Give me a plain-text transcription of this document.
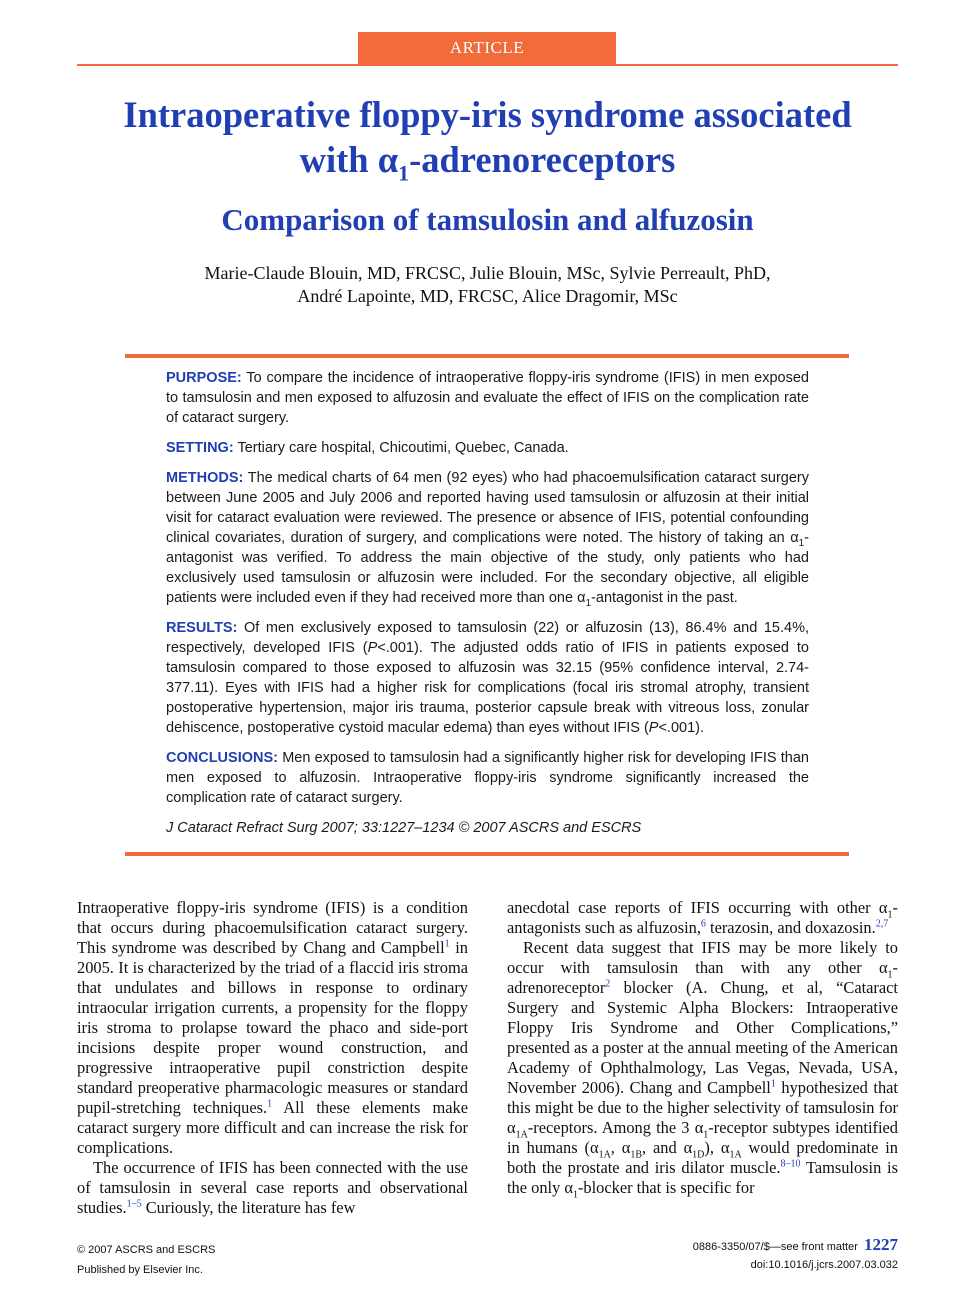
ARTICLE
Intraoperative floppy-iris syndrome associated
with $\alpha_1$-adrenoreceptors
Comparison of tamsulosin and alfuzosin
Marie-Claude Blouin, MD, FRCSC, Julie Blouin, MSc, Sylvie Perreault, PhD,
André Lapointe, MD, FRCSC, Alice Dragomir, MSc

PURPOSE: To compare the incidence of intraoperative floppy-iris syndrome (IFIS) in men exposed to tamsulosin and men exposed to alfuzosin and evaluate the effect of IFIS on the complication rate of cataract surgery.

SETTING: Tertiary care hospital, Chicoutimi, Quebec, Canada.

METHODS: The medical charts of 64 men (92 eyes) who had phacoemulsification cataract surgery between June 2005 and July 2006 and reported having used tamsulosin or alfuzosin at their initial visit for cataract evaluation were reviewed. The presence or absence of IFIS, potential confounding clinical covariates, duration of surgery, and complications were noted. The history of taking an $\alpha_1$-antagonist was verified. To address the main objective of the study, only patients who had exclusively used tamsulosin or alfuzosin were included. For the secondary objective, all eligible patients were included even if they had received more than one $\alpha_1$-antagonist in the past.

RESULTS: Of men exclusively exposed to tamsulosin (22) or alfuzosin (13), 86.4% and 15.4%, respectively, developed IFIS (P<.001). The adjusted odds ratio of IFIS in patients exposed to tamsulosin compared to those exposed to alfuzosin was 32.15 (95% confidence interval, 2.74-377.11). Eyes with IFIS had a higher risk for complications (focal iris stromal atrophy, transient postoperative hypertension, major iris trauma, posterior capsule break with vitreous loss, zonular dehiscence, postoperative cystoid macular edema) than eyes without IFIS (P<.001).

CONCLUSIONS: Men exposed to tamsulosin had a significantly higher risk for developing IFIS than men exposed to alfuzosin. Intraoperative floppy-iris syndrome significantly increased the complication rate of cataract surgery.

J Cataract Refract Surg 2007; 33:1227–1234 © 2007 ASCRS and ESCRS

Intraoperative floppy-iris syndrome (IFIS) is a condition that occurs during phacoemulsification cataract surgery. This syndrome was described by Chang and Campbell$^1$ in 2005. It is characterized by the triad of a flaccid iris stroma that undulates and billows in response to ordinary intraocular irrigation currents, a propensity for the floppy iris stroma to prolapse toward the phaco and side-port incisions despite proper wound construction, and progressive intraoperative pupil constriction despite standard preoperative pharmacologic measures or standard pupil-stretching techniques.$^1$ All these elements make cataract surgery more difficult and can increase the risk for complications.

The occurrence of IFIS has been connected with the use of tamsulosin in several case reports and observational studies.$^{1-5}$ Curiously, the literature has few

anecdotal case reports of IFIS occurring with other $\alpha_1$-antagonists such as alfuzosin,$^6$ terazosin, and doxazosin.$^{2,7}$

Recent data suggest that IFIS may be more likely to occur with tamsulosin than with any other $\alpha_1-adrenoreceptor^2$ blocker (A. Chung, et al, “Cataract Surgery and Systemic Alpha Blockers: Intraoperative Floppy Iris Syndrome and Other Complications,” presented as a poster at the annual meeting of the American Academy of Ophthalmology, Las Vegas, Nevada, USA, November 2006). Chang and Campbell$^1$ hypothesized that this might be due to the higher selectivity of tamsulosin for $\alpha_{1A}$-receptors. Among the 3 $\alpha_1$-receptor subtypes identified in humans ($\alpha_{1A}$, $\alpha_{1B}$, and $\alpha_{1D}$), $\alpha_{1A}$ would predominate in both the prostate and iris dilator muscle.$^{8-10}$ Tamsulosin is the only $\alpha_1$-blocker that is specific for

© 2007 ASCRS and ESCRS
Published by Elsevier Inc.
0886-3350/07/$—see front matter 1227
doi:10.1016/j.jcrs.2007.03.032
